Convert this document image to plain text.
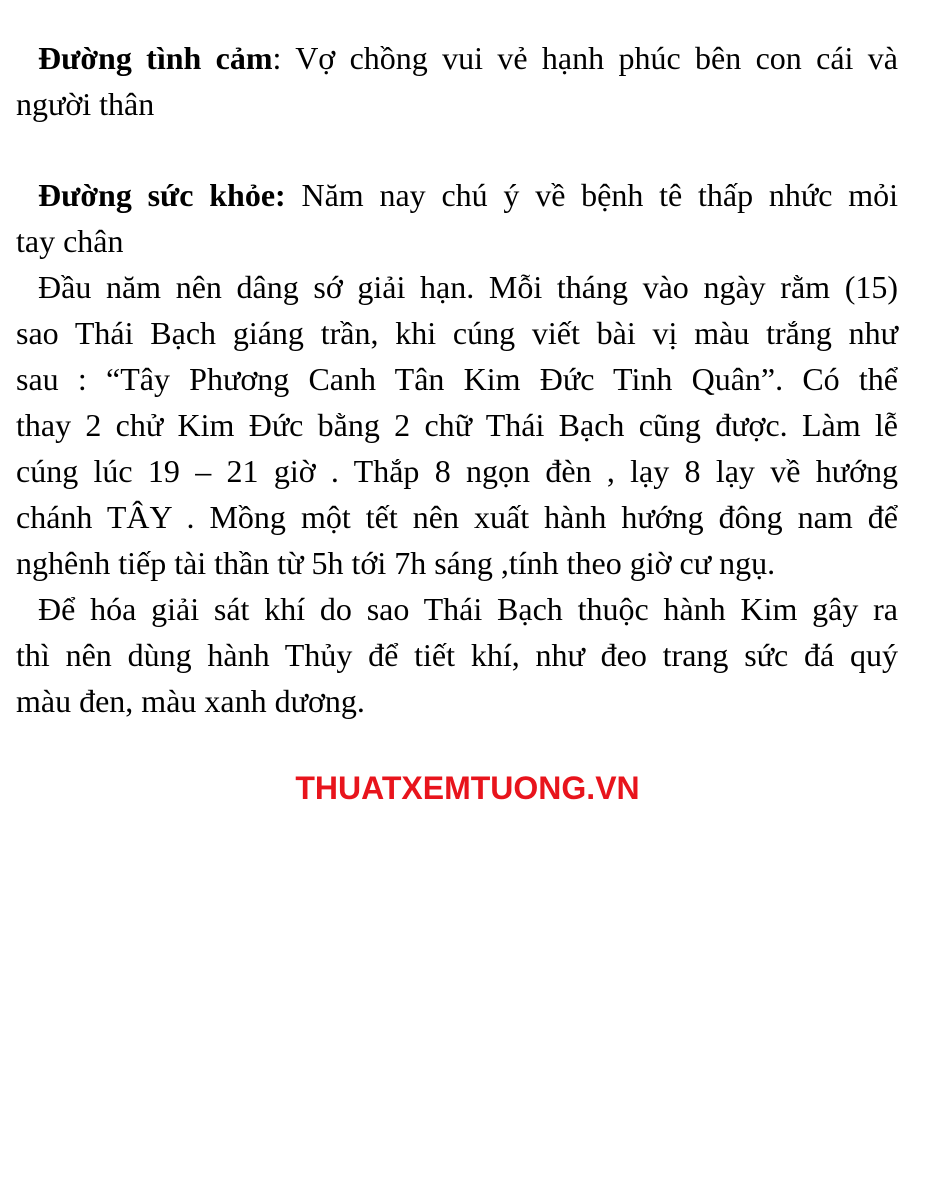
Đường tình cảm: Vợ chồng vui vẻ hạnh phúc bên con cái và
người thân
Đường sức khỏe: Năm nay chú ý về bệnh tê thấp nhức mỏi
tay chân
Đầu năm nên dâng sớ giải hạn. Mỗi tháng vào ngày rằm (15)
sao Thái Bạch giáng trần, khi cúng viết bài vị màu trắng như
sau : “Tây Phương Canh Tân Kim Đức Tinh Quân”. Có thể
thay 2 chử Kim Đức bằng 2 chữ Thái Bạch cũng được. Làm lễ
cúng lúc 19 – 21 giờ . Thắp 8 ngọn đèn , lạy 8 lạy về hướng
chánh TÂY . Mồng một tết nên xuất hành hướng đông nam để
nghênh tiếp tài thần từ 5h tới 7h sáng ,tính theo giờ cư ngụ.
Để hóa giải sát khí do sao Thái Bạch thuộc hành Kim gây ra
thì nên dùng hành Thủy để tiết khí, như đeo trang sức đá quý
màu đen, màu xanh dương.
THUATXEMTUONG.VN
